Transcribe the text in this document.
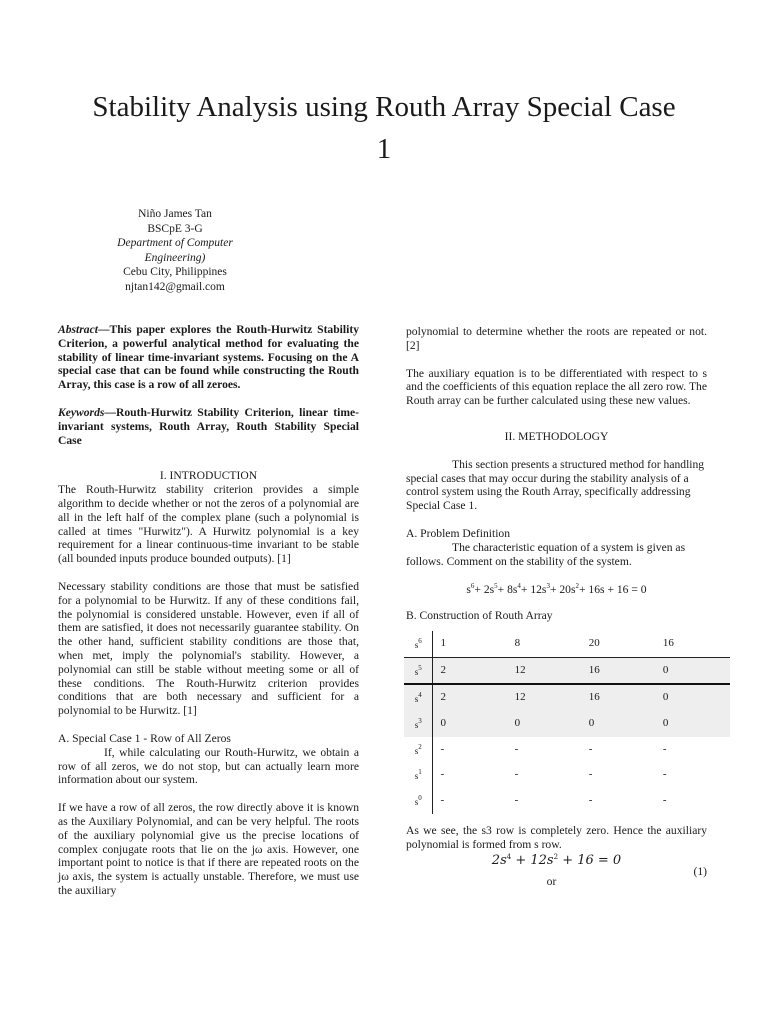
Stability Analysis using Routh Array Special Case 1
Niño James Tan
BSCpE 3-G
Department of Computer
Engineering)
Cebu City, Philippines
njtan142@gmail.com

Abstract—This paper explores the Routh-Hurwitz Stability Criterion, a powerful analytical method for evaluating the stability of linear time-invariant systems. Focusing on the A special case that can be found while constructing the Routh Array, this case is a row of all zeroes.

Keywords—Routh-Hurwitz Stability Criterion, linear time-invariant systems, Routh Array, Routh Stability Special Case

I. INTRODUCTION

The Routh-Hurwitz stability criterion provides a simple algorithm to decide whether or not the zeros of a polynomial are all in the left half of the complex plane (such a polynomial is called at times "Hurwitz"). A Hurwitz polynomial is a key requirement for a linear continuous-time invariant to be stable (all bounded inputs produce bounded outputs). [1]

Necessary stability conditions are those that must be satisfied for a polynomial to be Hurwitz. If any of these conditions fail, the polynomial is considered unstable. However, even if all of them are satisfied, it does not necessarily guarantee stability. On the other hand, sufficient stability conditions are those that, when met, imply the polynomial's stability. However, a polynomial can still be stable without meeting some or all of these conditions. The Routh-Hurwitz criterion provides conditions that are both necessary and sufficient for a polynomial to be Hurwitz. [1]

A. Special Case 1 - Row of All Zeros

If, while calculating our Routh-Hurwitz, we obtain a row of all zeros, we do not stop, but can actually learn more information about our system.

If we have a row of all zeros, the row directly above it is known as the Auxiliary Polynomial, and can be very helpful. The roots of the auxiliary polynomial give us the precise locations of complex conjugate roots that lie on the jω axis. However, one important point to notice is that if there are repeated roots on the jω axis, the system is actually unstable. Therefore, we must use the auxiliary

polynomial to determine whether the roots are repeated or not. [2]

The auxiliary equation is to be differentiated with respect to s and the coefficients of this equation replace the all zero row. The Routh array can be further calculated using these new values.

II. METHODOLOGY

This section presents a structured method for handling special cases that may occur during the stability analysis of a control system using the Routh Array, specifically addressing Special Case 1.

A. Problem Definition

The characteristic equation of a system is given as follows. Comment on the stability of the system.

$s^6+ 2s^5+ 8s^4+ 12s^3+ 20s^2+ 16s + 16 = 0$

B. Construction of Routh Array

$s^6$	1	8	20	16
$s^5$	2	12	16	0
$s^4$	2	12	16	0
$s^3$	0	0	0	0
$s^2$	-	-	-	-
$s^1$	-	-	-	-
$s^0$	-	-	-	-

As we see, the s3 row is completely zero. Hence the auxiliary polynomial is formed from s row.

$2s^4 + 12s^2 + 16 = 0$
(1)
or
